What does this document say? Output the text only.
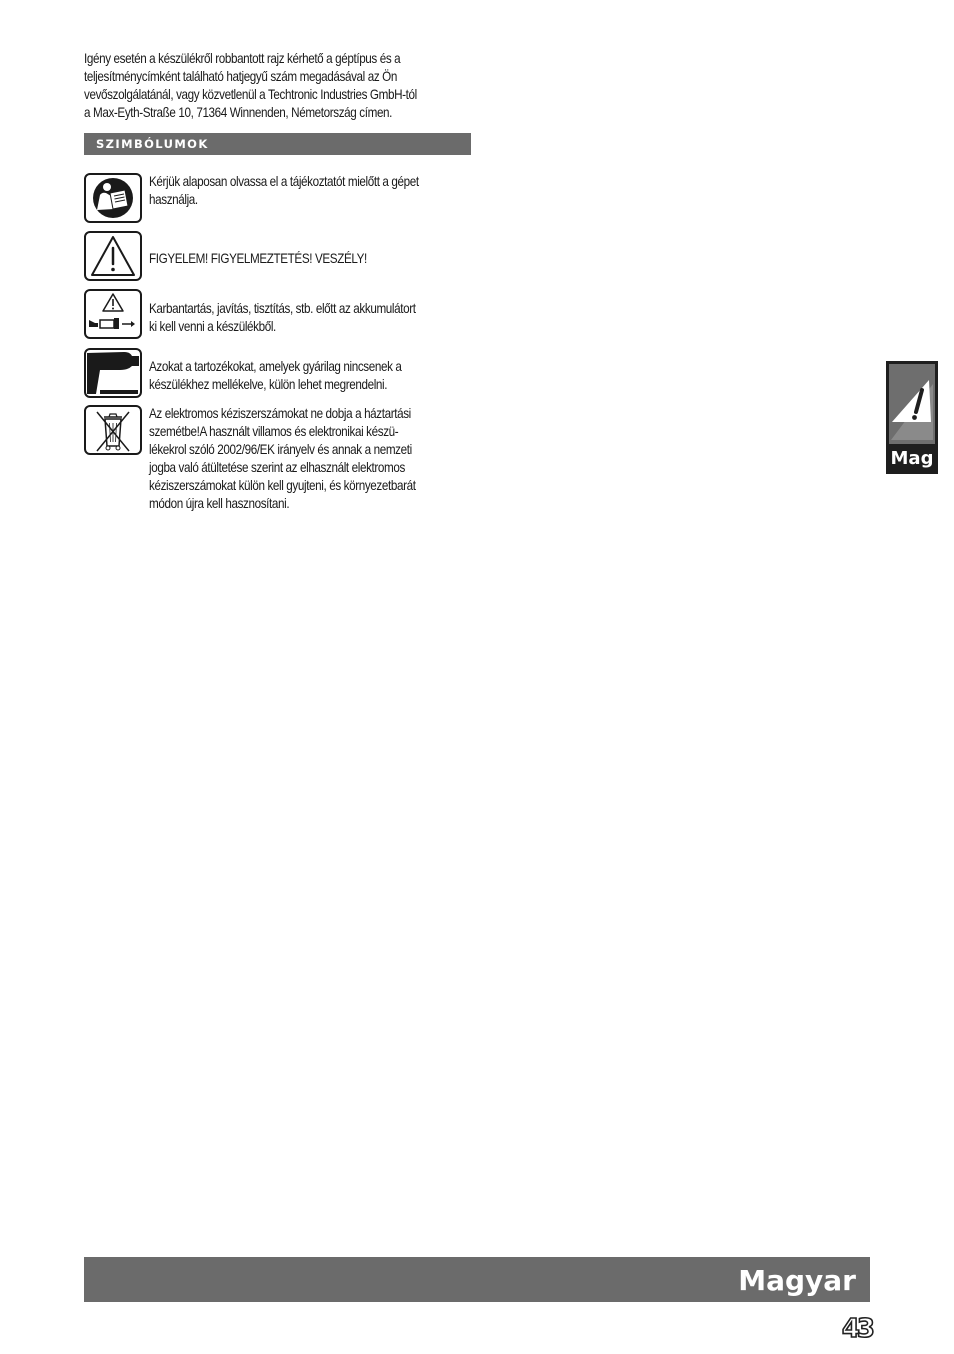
Igény esetén a készülékről robbantott rajz kérhető a géptípus és a
teljesítménycímként található hatjegyű szám megadásával az Ön
vevőszolgálatánál, vagy közvetlenül a Techtronic Industries GmbH-tól
a Max-Eyth-Straße 10, 71364 Winnenden, Németország címen.
SZIMBÓLUMOK
Kérjük alaposan olvassa el a tájékoztatót mielőtt a gépet
használja.
FIGYELEM! FIGYELMEZTETÉS! VESZÉLY!
Karbantartás, javítás, tisztítás, stb. előtt az akkumulátort
ki kell venni a készülékből.
Azokat a tartozékokat, amelyek gyárilag nincsenek a
készülékhez mellékelve, külön lehet megrendelni.
Az elektromos kéziszerszámokat ne dobja a háztartási
szemétbe!A használt villamos és elektronikai készü-
lékekrol szóló 2002/96/EK irányelv és annak a nemzeti
jogba való átültetése szerint az elhasznált elektromos
kéziszerszámokat külön kell gyujteni, és környezetbarát
módon újra kell hasznosítani.
Mag
Magyar
43
